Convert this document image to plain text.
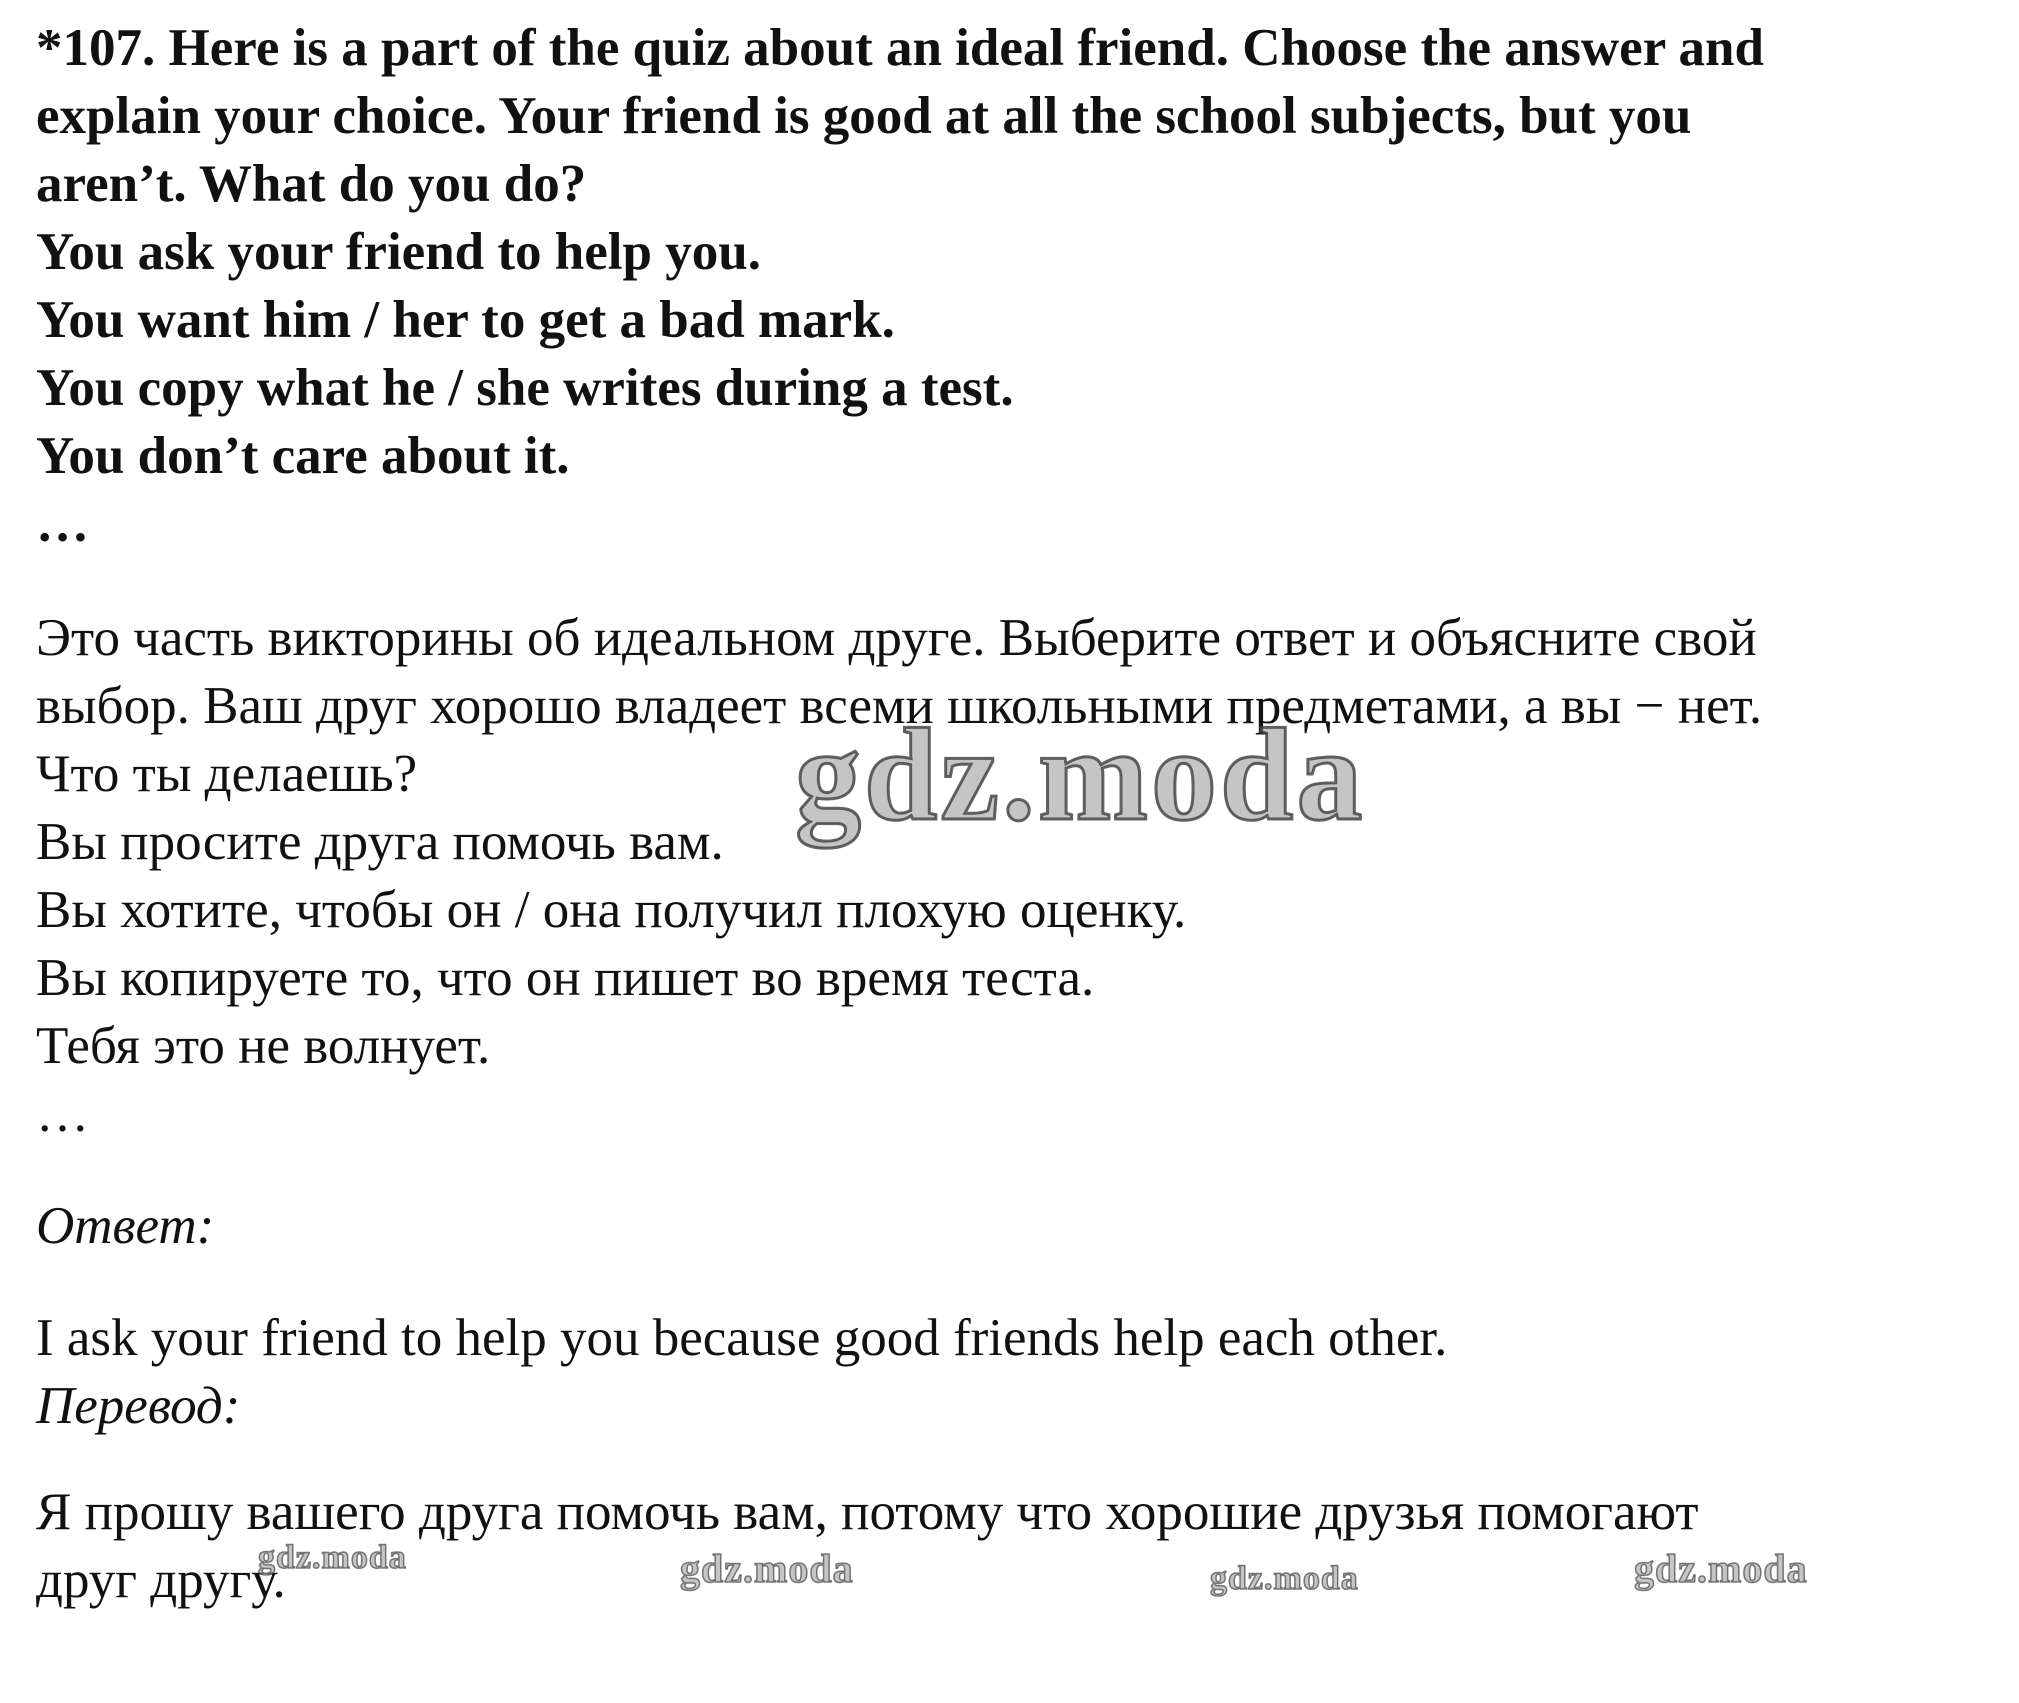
*107. Here is a part of the quiz about an ideal friend. Choose the answer and
explain your choice. Your friend is good at all the school subjects, but you
aren’t. What do you do?
You ask your friend to help you.
You want him / her to get a bad mark.
You copy what he / she writes during a test.
You don’t care about it.
…
Это часть викторины об идеальном друге. Выберите ответ и объясните свой
выбор. Ваш друг хорошо владеет всеми школьными предметами, а вы − нет.
Что ты делаешь?
Вы просите друга помочь вам.
Вы хотите, чтобы он / она получил плохую оценку.
Вы копируете то, что он пишет во время теста.
Тебя это не волнует.
…
Ответ:
I ask your friend to help you because good friends help each other.
Перевод:
Я прошу вашего друга помочь вам, потому что хорошие друзья помогают
друг другу.
gdz.moda
gdz.moda	gdz.moda	gdz.moda	gdz.moda
